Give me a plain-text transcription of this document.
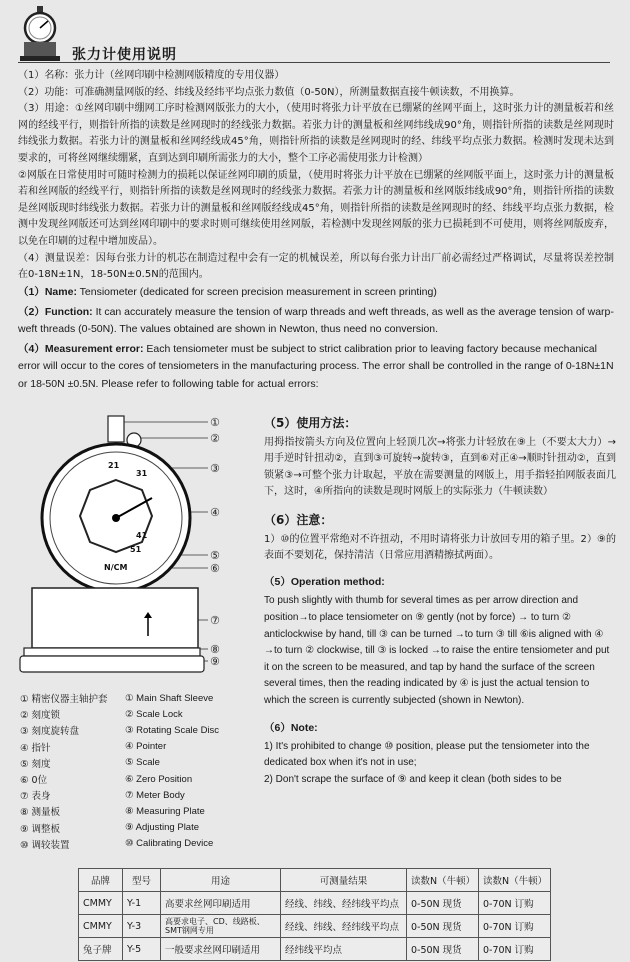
张力计使用说明

（1）名称：张力计（丝网印刷中检测网版精度的专用仪器）

（2）功能：可准确测量网版的经、纬线及经纬平均点张力数值（0-50N），所测量数据直接牛顿读数，不用换算。

（3）用途：①丝网印刷中绷网工序时检测网版张力的大小，（使用时将张力计平放在已绷紧的丝网平面上，这时张力计的测量板若和丝网的经线平行，则指针所指的读数是丝网现时的经线张力数据。若张力计的测量板和丝网纬线成90°角，则指针所指的读数是丝网现时纬线张力数据。若张力计的测量板和丝网经线成45°角，则指针所指的读数是丝网现时的经、纬线平均点张力数据。检测时发现未达到要求的，可将丝网继续绷紧，直到达到印刷所需张力的大小，整个工序必需使用张力计检测）

②网版在日常使用时可随时检测力的损耗以保证丝网印刷的质量，（使用时将张力计平放在已绷紧的丝网版平面上，这时张力计的测量板若和丝网版的经线平行，则指针所指的读数是丝网现时的经线张力数据。若张力计的测量板和丝网版纬线成90°角，则指针所指的读数是丝网版现时纬线张力数据。若张力计的测量板和丝网版经线成45°角，则指针所指的读数是丝网现时的经、纬线平均点张力数据，检测中发现丝网版还可达到丝网印刷中的要求时则可继续使用丝网版，若检测中发现丝网版的张力已损耗到不可使用，则将丝网版废弃，以免在印刷的过程中增加废品）。

（4）测量误差：因每台张力计的机芯在制造过程中会有一定的机械误差，所以每台张力计出厂前必需经过严格调试，尽量将误差控制在0-18N±1N，18-50N±0.5N的范围内。

（1）Name: Tensiometer (dedicated for screen precision measurement in screen printing)

（2）Function: It can accurately measure the tension of warp threads and weft threads, as well as the average tension of warp-weft threads (0-50N). The values obtained are shown in Newton, thus need no conversion.

（4）Measurement error: Each tensiometer must be subject to strict calibration prior to leaving factory because mechanical error will occur to the cores of tensiometers in the manufacturing process. The error shall be controlled in the range of 0-18N±1N or 18-50N ±0.5N. Please refer to following table for actual errors:

①
②
③
④
⑤
⑥
⑦
⑧
⑨
21
31
41
51
N/CM
① 精密仪器主轴护套	① Main Shaft Sleeve
② 刻度锁	② Scale Lock
③ 刻度旋转盘	③ Rotating Scale Disc
④ 指针	④ Pointer
⑤ 刻度	⑤ Scale
⑥ 0位	⑥ Zero Position
⑦ 表身	⑦ Meter Body
⑧ 测量板	⑧ Measuring Plate
⑨ 调整板	⑨ Adjusting Plate
⑩ 调较装置	⑩ Calibrating Device
（5）使用方法：

用拇指按箭头方向及位置向上轻顶几次→将张力计轻放在⑨上（不要太大力）→用手逆时针扭动②，直到③可旋转→旋转③，直到⑥对正④→顺时针扭动②，直到锁紧③→可整个张力计取起，平放在需要测量的网版上，用手指轻拍网版表面几下，这时，④所指向的读数是现时网版上的实际张力（牛顿读数）

（6）注意：

1）⑩的位置平常绝对不许扭动，不用时请将张力计放回专用的箱子里。2）⑨的表面不要划花，保持清洁（日常应用酒精擦拭两面）。

（5）Operation method:

To push slightly with thumb for several times as per arrow direction and position→to place tensiometer on ⑨ gently (not by force) → to turn ② anticlockwise by hand, till ③ can be turned →to turn ③ till ⑥is aligned with ④ →to turn ② clockwise, till ③ is locked →to raise the entire tensiometer and put it on the screen to be measured, and tap by hand the surface of the screen several times, then the reading indicated by ④ is just the actual tension to which the screen is currently subjected (shown in Newton).

（6）Note:

1) It's prohibited to change ⑩ position, please put the tensiometer into the dedicated box when it's not in use;

2) Don't scrape the surface of ⑨ and keep it clean (both sides to be

品牌	型号	用途	可测量结果	读数N（牛顿）	读数N（牛顿）
CMMY	Y-1	高要求丝网印刷适用	经线、纬线、经纬线平均点	0-50N 现货	0-70N 订购
CMMY	Y-3	高要求电子、CD、线路板、SMT钢网专用	经线、纬线、经纬线平均点	0-50N 现货	0-70N 订购
兔子牌	Y-5	一般要求丝网印刷适用	经纬线平均点	0-50N 现货	0-70N 订购
